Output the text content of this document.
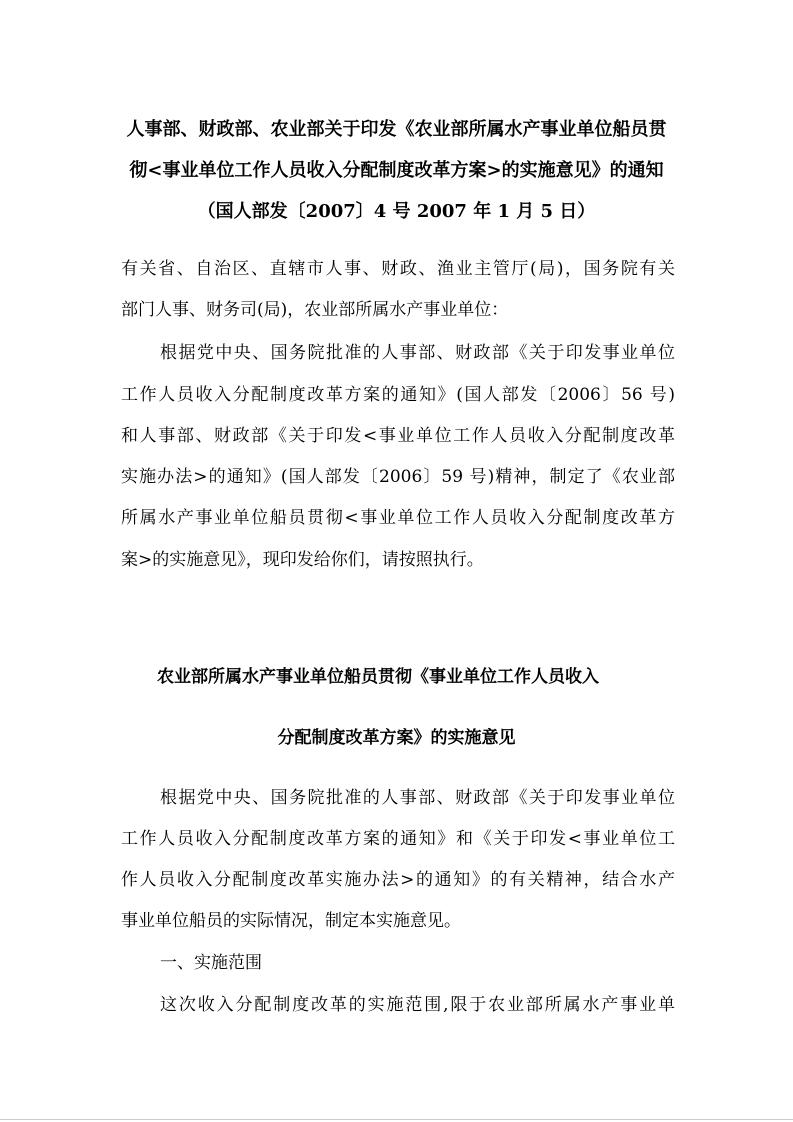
人事部、财政部、农业部关于印发《农业部所属水产事业单位船员贯
彻<事业单位工作人员收入分配制度改革方案>的实施意见》的通知
（国人部发〔2007〕4 号 2007 年 1 月 5 日）
有关省、自治区、直辖市人事、财政、渔业主管厅(局)，国务院有关
部门人事、财务司(局)，农业部所属水产事业单位：
根据党中央、国务院批准的人事部、财政部《关于印发事业单位
工作人员收入分配制度改革方案的通知》(国人部发〔2006〕56 号)
和人事部、财政部《关于印发<事业单位工作人员收入分配制度改革
实施办法>的通知》(国人部发〔2006〕59 号)精神，制定了《农业部
所属水产事业单位船员贯彻<事业单位工作人员收入分配制度改革方
案>的实施意见》，现印发给你们，请按照执行。
农业部所属水产事业单位船员贯彻《事业单位工作人员收入
分配制度改革方案》的实施意见
根据党中央、国务院批准的人事部、财政部《关于印发事业单位
工作人员收入分配制度改革方案的通知》和《关于印发<事业单位工
作人员收入分配制度改革实施办法>的通知》的有关精神，结合水产
事业单位船员的实际情况，制定本实施意见。
一、实施范围
这次收入分配制度改革的实施范围,限于农业部所属水产事业单
